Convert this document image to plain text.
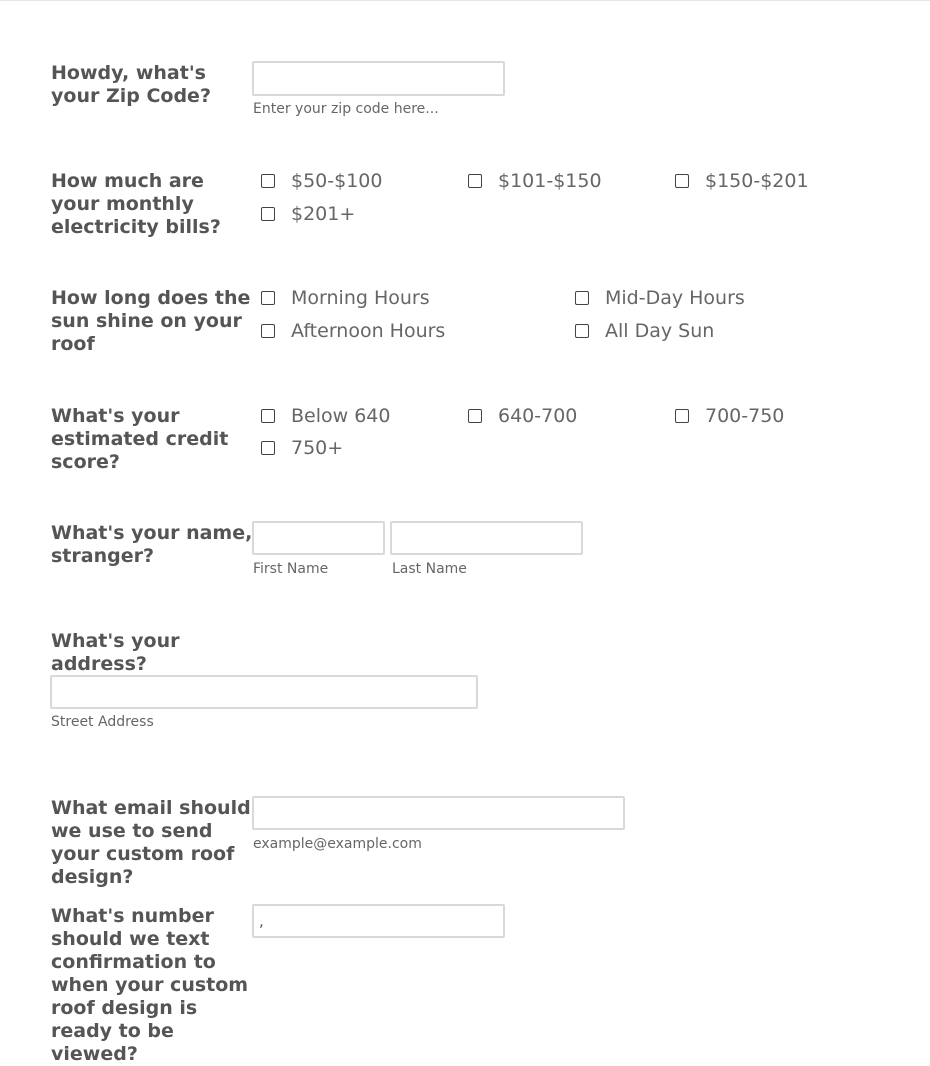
Howdy, what's your Zip Code?

Enter your zip code here...

How much are your monthly electricity bills?

$50-$100	$101-$150	$150-$201
$201+

How long does the sun shine on your roof

Morning Hours	Mid-Day Hours
Afternoon Hours	All Day Sun

What's your estimated credit score?

Below 640	640-700	700-750
750+

What's your name, stranger?

First Name	Last Name

What's your address?

Street Address

What email should we use to send your custom roof design?

example@example.com

What's number should we text confirmation to when your custom roof design is ready to be viewed?

,
